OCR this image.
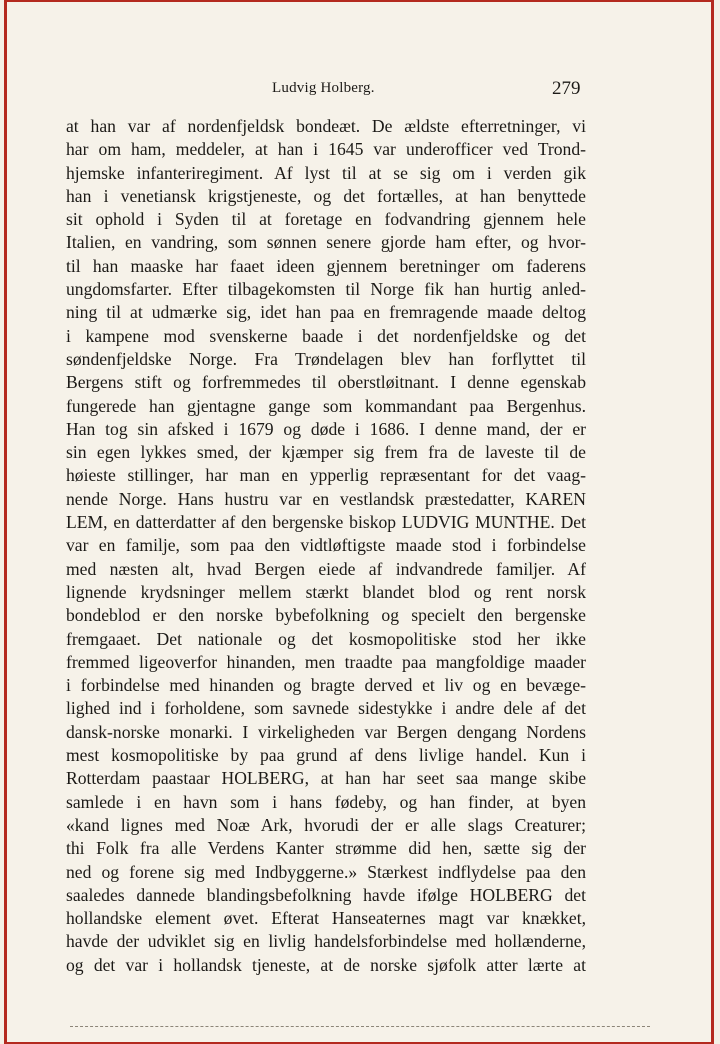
Ludvig Holberg.	279
at han var af nordenfjeldsk bondeæt. De ældste efterretninger, vi
har om ham, meddeler, at han i 1645 var underofficer ved Trond-
hjemske infanteriregiment. Af lyst til at se sig om i verden gik
han i venetiansk krigstjeneste, og det fortælles, at han benyttede
sit ophold i Syden til at foretage en fodvandring gjennem hele
Italien, en vandring, som sønnen senere gjorde ham efter, og hvor-
til han maaske har faaet ideen gjennem beretninger om faderens
ungdomsfarter. Efter tilbagekomsten til Norge fik han hurtig anled-
ning til at udmærke sig, idet han paa en fremragende maade deltog
i kampene mod svenskerne baade i det nordenfjeldske og det
søndenfjeldske Norge. Fra Trøndelagen blev han forflyttet til
Bergens stift og forfremmedes til oberstløitnant. I denne egenskab
fungerede han gjentagne gange som kommandant paa Bergenhus.
Han tog sin afsked i 1679 og døde i 1686. I denne mand, der er
sin egen lykkes smed, der kjæmper sig frem fra de laveste til de
høieste stillinger, har man en ypperlig repræsentant for det vaag-
nende Norge. Hans hustru var en vestlandsk præstedatter, KAREN
LEM, en datterdatter af den bergenske biskop LUDVIG MUNTHE. Det
var en familje, som paa den vidtløftigste maade stod i forbindelse
med næsten alt, hvad Bergen eiede af indvandrede familjer. Af
lignende krydsninger mellem stærkt blandet blod og rent norsk
bondeblod er den norske bybefolkning og specielt den bergenske
fremgaaet. Det nationale og det kosmopolitiske stod her ikke
fremmed ligeoverfor hinanden, men traadte paa mangfoldige maader
i forbindelse med hinanden og bragte derved et liv og en bevæge-
lighed ind i forholdene, som savnede sidestykke i andre dele af det
dansk-norske monarki. I virkeligheden var Bergen dengang Nordens
mest kosmopolitiske by paa grund af dens livlige handel. Kun i
Rotterdam paastaar HOLBERG, at han har seet saa mange skibe
samlede i en havn som i hans fødeby, og han finder, at byen
«kand lignes med Noæ Ark, hvorudi der er alle slags Creaturer;
thi Folk fra alle Verdens Kanter strømme did hen, sætte sig der
ned og forene sig med Indbyggerne.» Stærkest indflydelse paa den
saaledes dannede blandingsbefolkning havde ifølge HOLBERG det
hollandske element øvet. Efterat Hanseaternes magt var knækket,
havde der udviklet sig en livlig handelsforbindelse med hollænderne,
og det var i hollandsk tjeneste, at de norske sjøfolk atter lærte at
